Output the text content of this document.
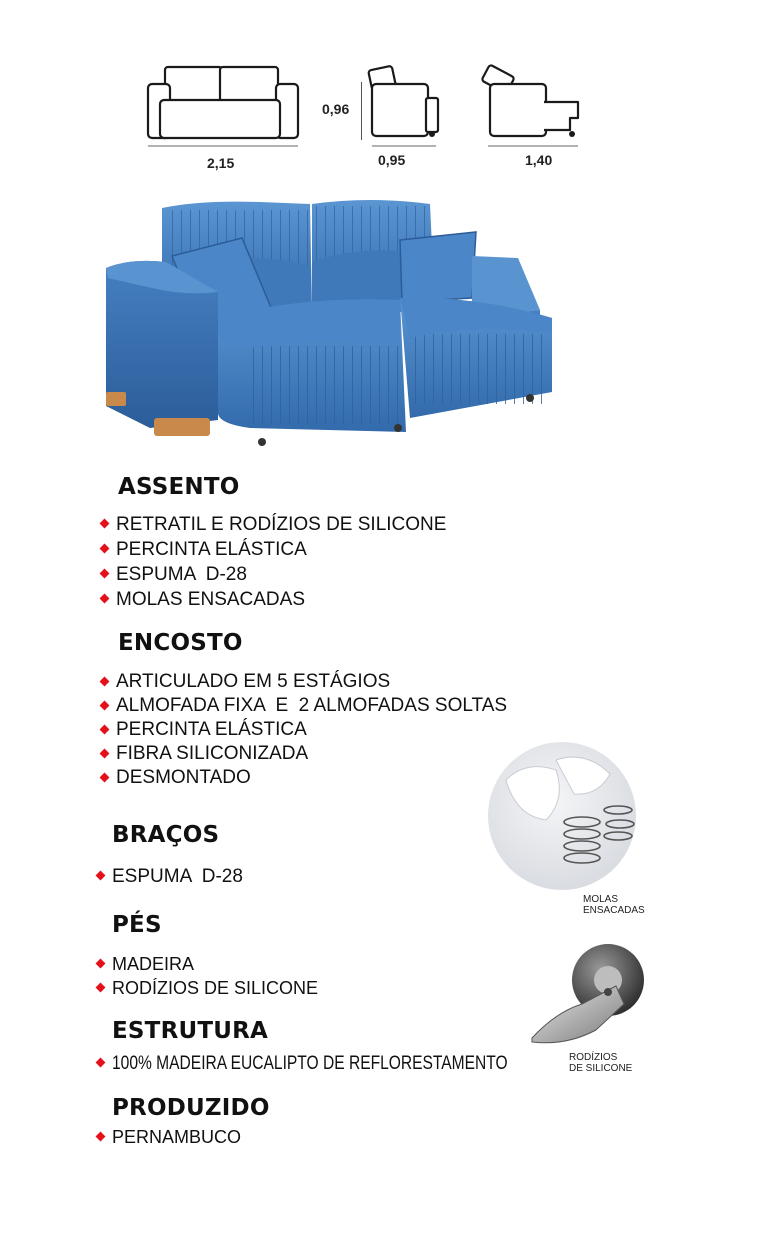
2,15
0,96
0,95	1,40
ASSENTO
RETRATIL E RODÍZIOS DE SILICONE
PERCINTA ELÁSTICA
ESPUMA  D-28
MOLAS ENSACADAS
ENCOSTO
ARTICULADO EM 5 ESTÁGIOS
ALMOFADA FIXA  E  2 ALMOFADAS SOLTAS
PERCINTA ELÁSTICA
FIBRA SILICONIZADA
DESMONTADO
MOLAS
ENSACADAS
BRAÇOS
ESPUMA  D-28
PÉS
MADEIRA
RODÍZIOS DE SILICONE
RODÍZIOS
DE SILICONE
ESTRUTURA
100% MADEIRA EUCALIPTO DE REFLORESTAMENTO
PRODUZIDO
PERNAMBUCO
